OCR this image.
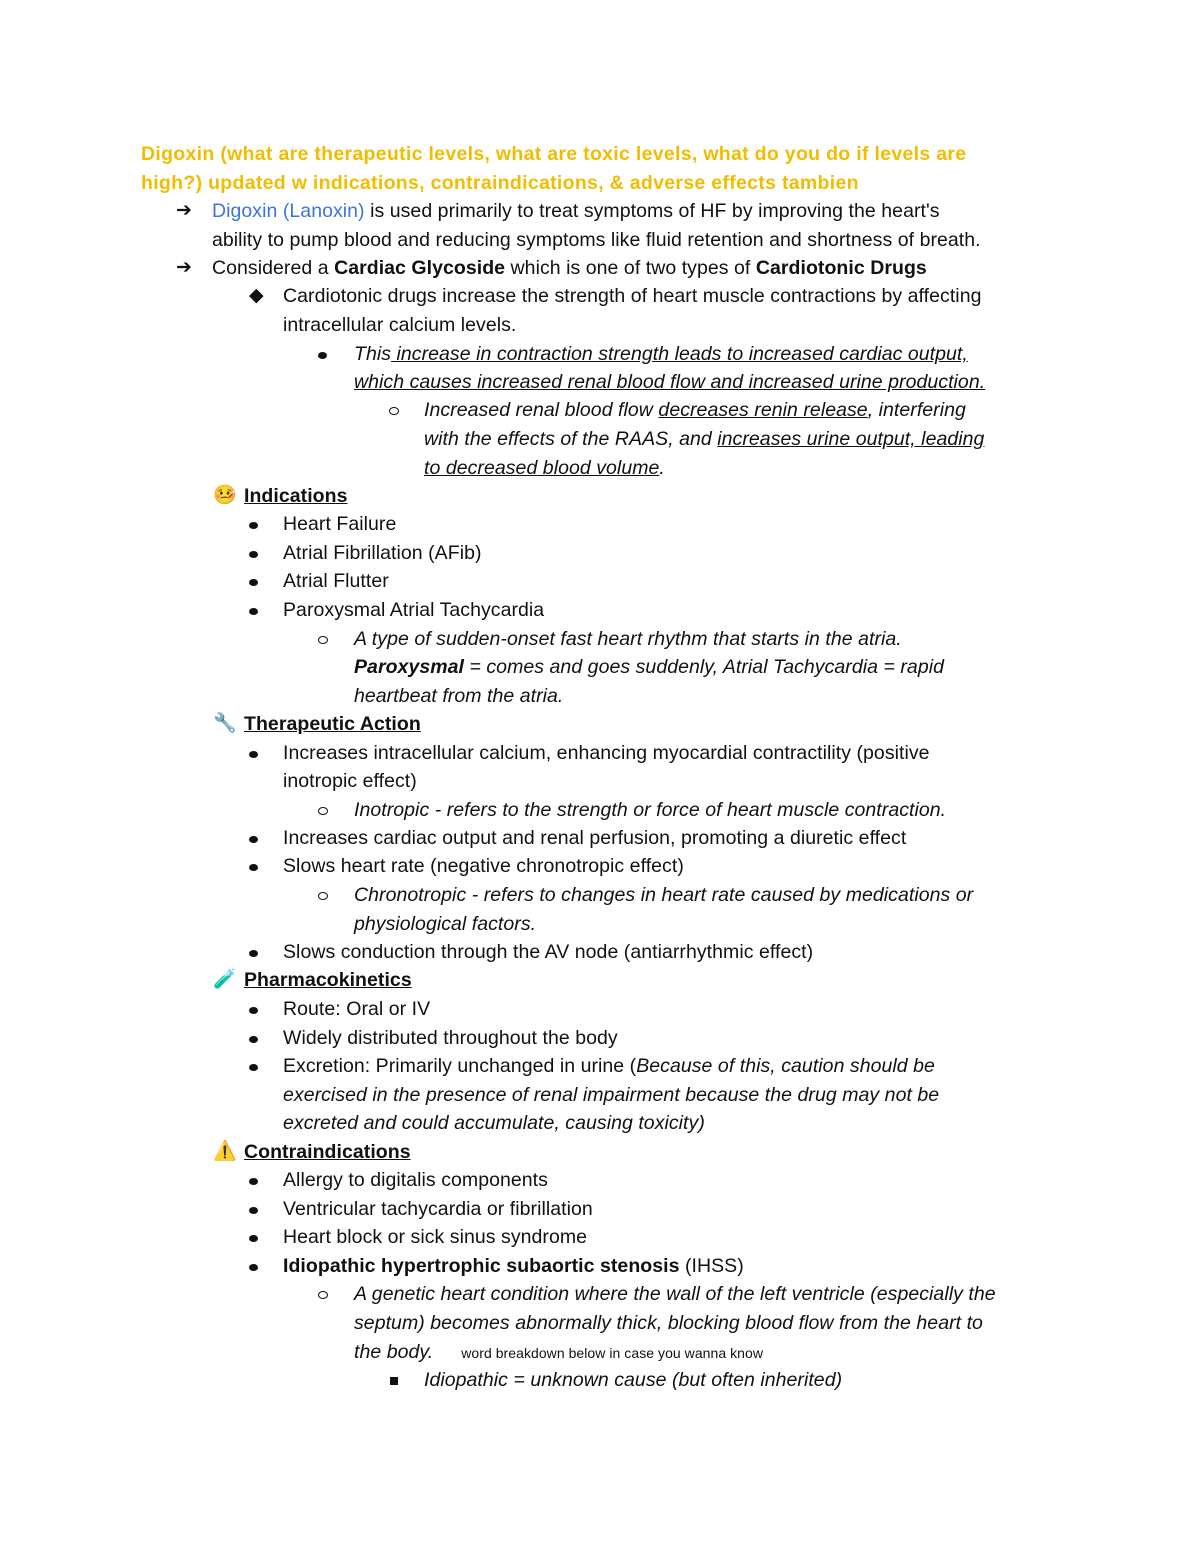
Digoxin (what are therapeutic levels, what are toxic levels, what do you do if levels are
high?) updated w indications, contraindications, & adverse effects tambien
➔ Digoxin (Lanoxin) is used primarily to treat symptoms of HF by improving the heart's
ability to pump blood and reducing symptoms like fluid retention and shortness of breath.
➔ Considered a Cardiac Glycoside which is one of two types of Cardiotonic Drugs
◆ Cardiotonic drugs increase the strength of heart muscle contractions by affecting
intracellular calcium levels.
This increase in contraction strength leads to increased cardiac output,
which causes increased renal blood flow and increased urine production.
Increased renal blood flow decreases renin release, interfering
with the effects of the RAAS, and increases urine output, leading
to decreased blood volume.
🤒 Indications
Heart Failure
Atrial Fibrillation (AFib)
Atrial Flutter
Paroxysmal Atrial Tachycardia
A type of sudden-onset fast heart rhythm that starts in the atria.
Paroxysmal = comes and goes suddenly, Atrial Tachycardia = rapid
heartbeat from the atria.
🔧 Therapeutic Action
Increases intracellular calcium, enhancing myocardial contractility (positive
inotropic effect)
Inotropic - refers to the strength or force of heart muscle contraction.
Increases cardiac output and renal perfusion, promoting a diuretic effect
Slows heart rate (negative chronotropic effect)
Chronotropic - refers to changes in heart rate caused by medications or
physiological factors.
Slows conduction through the AV node (antiarrhythmic effect)
🧪 Pharmacokinetics
Route: Oral or IV
Widely distributed throughout the body
Excretion: Primarily unchanged in urine (Because of this, caution should be
exercised in the presence of renal impairment because the drug may not be
excreted and could accumulate, causing toxicity)
⚠️ Contraindications
Allergy to digitalis components
Ventricular tachycardia or fibrillation
Heart block or sick sinus syndrome
Idiopathic hypertrophic subaortic stenosis (IHSS)
A genetic heart condition where the wall of the left ventricle (especially the
septum) becomes abnormally thick, blocking blood flow from the heart to
the body. word breakdown below in case you wanna know
Idiopathic = unknown cause (but often inherited)
